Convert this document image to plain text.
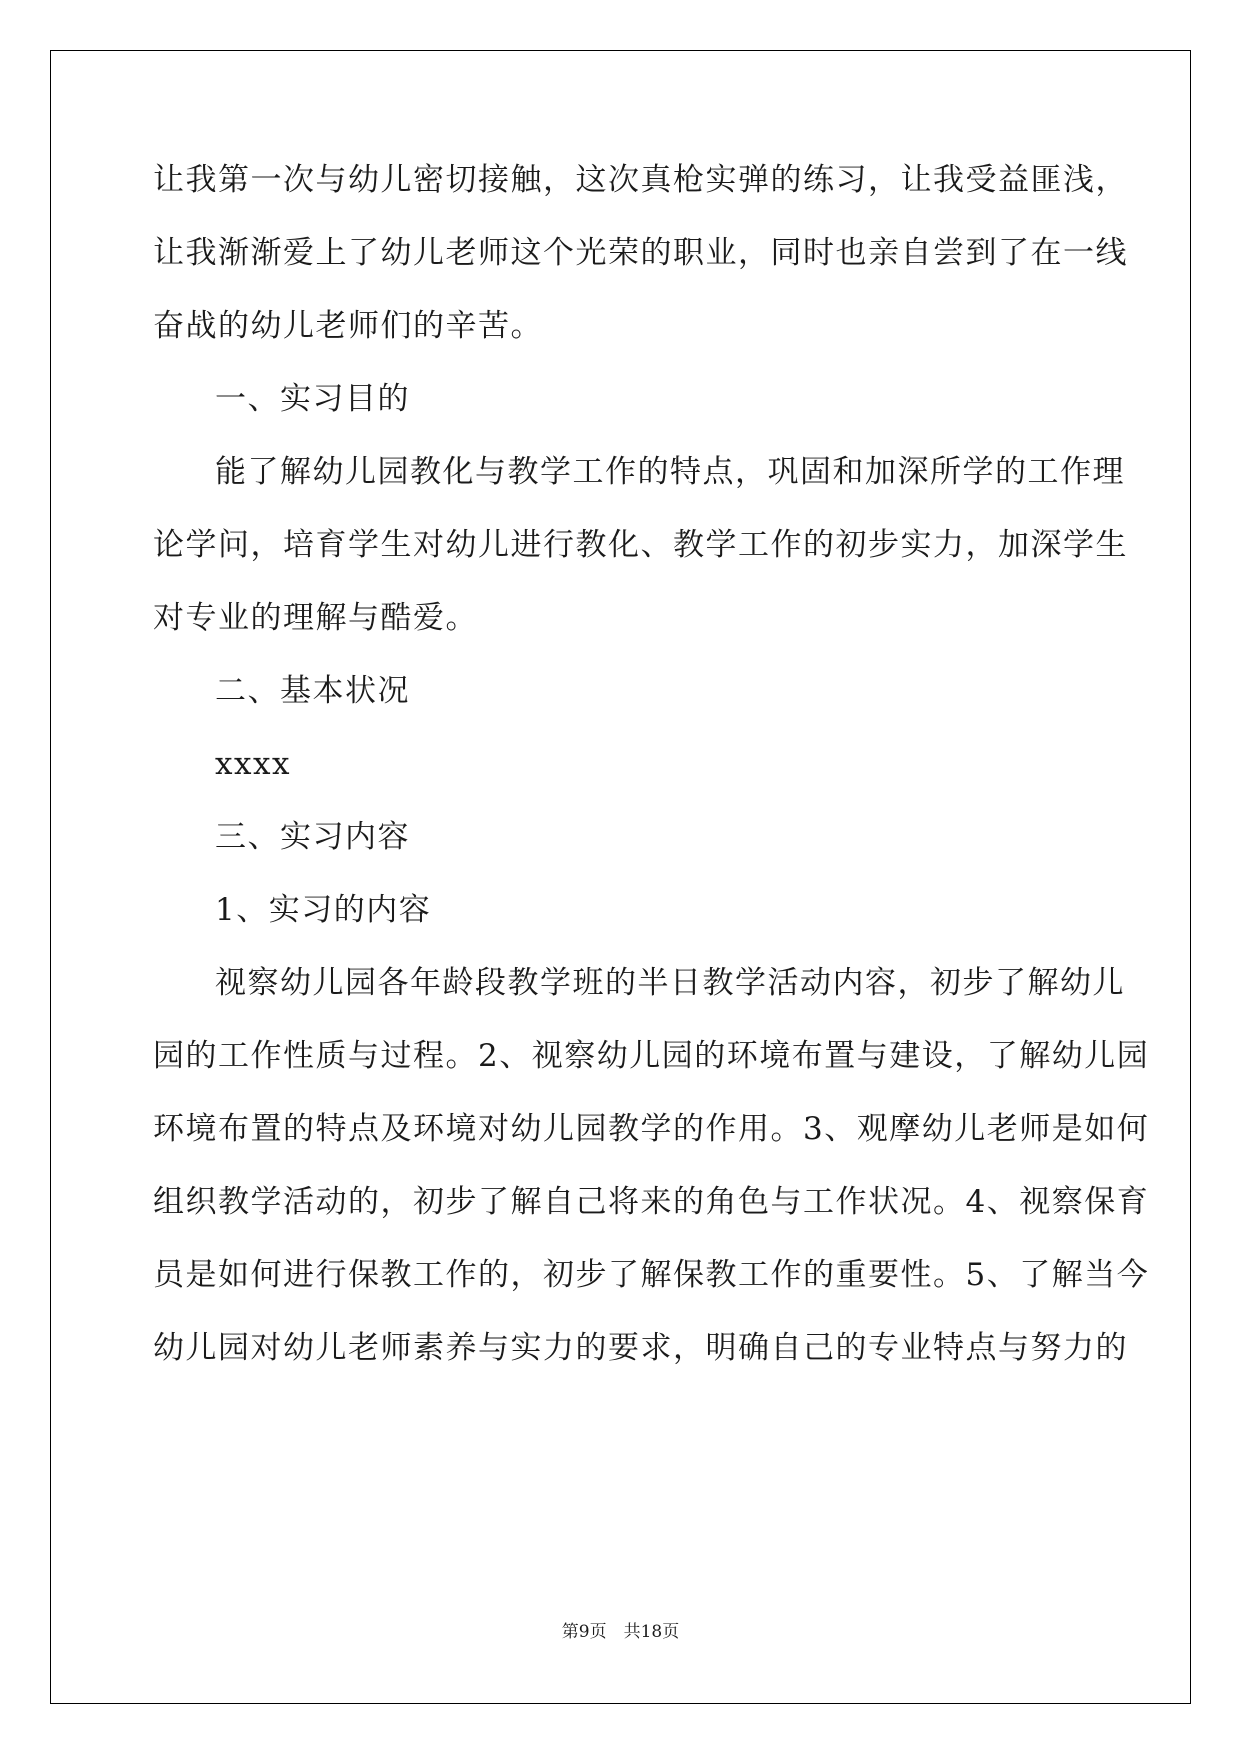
让我第一次与幼儿密切接触，这次真枪实弹的练习，让我受益匪浅，
让我渐渐爱上了幼儿老师这个光荣的职业，同时也亲自尝到了在一线
奋战的幼儿老师们的辛苦。
一、实习目的
能了解幼儿园教化与教学工作的特点，巩固和加深所学的工作理
论学问，培育学生对幼儿进行教化、教学工作的初步实力，加深学生
对专业的理解与酷爱。
二、基本状况
xxxx
三、实习内容
1、实习的内容
视察幼儿园各年龄段教学班的半日教学活动内容，初步了解幼儿
园的工作性质与过程。2、视察幼儿园的环境布置与建设，了解幼儿园
环境布置的特点及环境对幼儿园教学的作用。3、观摩幼儿老师是如何
组织教学活动的，初步了解自己将来的角色与工作状况。4、视察保育
员是如何进行保教工作的，初步了解保教工作的重要性。5、了解当今
幼儿园对幼儿老师素养与实力的要求，明确自己的专业特点与努力的
第9页　共18页
